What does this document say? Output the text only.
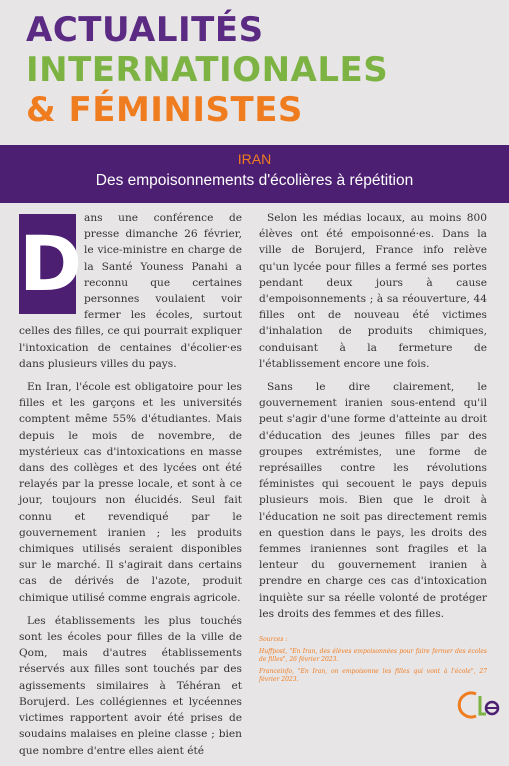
ACTUALITÉS
INTERNATIONALES
& FÉMINISTES
IRAN
Des empoisonnements d'écolières à répétition
D

ans une conférence de presse dimanche 26 février, le vice-ministre en charge de la Santé Youness Panahi a reconnu que certaines personnes voulaient voir fermer les écoles, surtout celles des filles, ce qui pourrait expliquer l'intoxication de centaines d'écolier·es dans plusieurs villes du pays.

En Iran, l'école est obligatoire pour les filles et les garçons et les universités comptent même 55% d'étudiantes. Mais depuis le mois de novembre, de mystérieux cas d'intoxications en masse dans des collèges et des lycées ont été relayés par la presse locale, et sont à ce jour, toujours non élucidés. Seul fait connu et revendiqué par le gouvernement iranien ; les produits chimiques utilisés seraient disponibles sur le marché. Il s'agirait dans certains cas de dérivés de l'azote, produit chimique utilisé comme engrais agricole.

Les établissements les plus touchés sont les écoles pour filles de la ville de Qom, mais d'autres établissements réservés aux filles sont touchés par des agissements similaires à Téhéran et Borujerd. Les collégiennes et lycéennes victimes rapportent avoir été prises de soudains malaises en pleine classe ; bien que nombre d'entre elles aient été

Selon les médias locaux, au moins 800 élèves ont été empoisonné·es. Dans la ville de Borujerd, France info relève qu'un lycée pour filles a fermé ses portes pendant deux jours à cause d'empoisonnements ; à sa réouverture, 44 filles ont de nouveau été victimes d'inhalation de produits chimiques, conduisant à la fermeture de l'établissement encore une fois.

Sans le dire clairement, le gouvernement iranien sous-entend qu'il peut s'agir d'une forme d'atteinte au droit d'éducation des jeunes filles par des groupes extrémistes, une forme de représailles contre les révolutions féministes qui secouent le pays depuis plusieurs mois. Bien que le droit à l'éducation ne soit pas directement remis en question dans le pays, les droits des femmes iraniennes sont fragiles et la lenteur du gouvernement iranien à prendre en charge ces cas d'intoxication inquiète sur sa réelle volonté de protéger les droits des femmes et des filles.

Sources :
Huffpost, "En Iran, des élèves empoisonnées pour faire fermer des écoles de filles", 26 février 2023.
Franceinfo, "En Iran, on empoisonne les filles qui vont à l'école", 27 février 2023.
